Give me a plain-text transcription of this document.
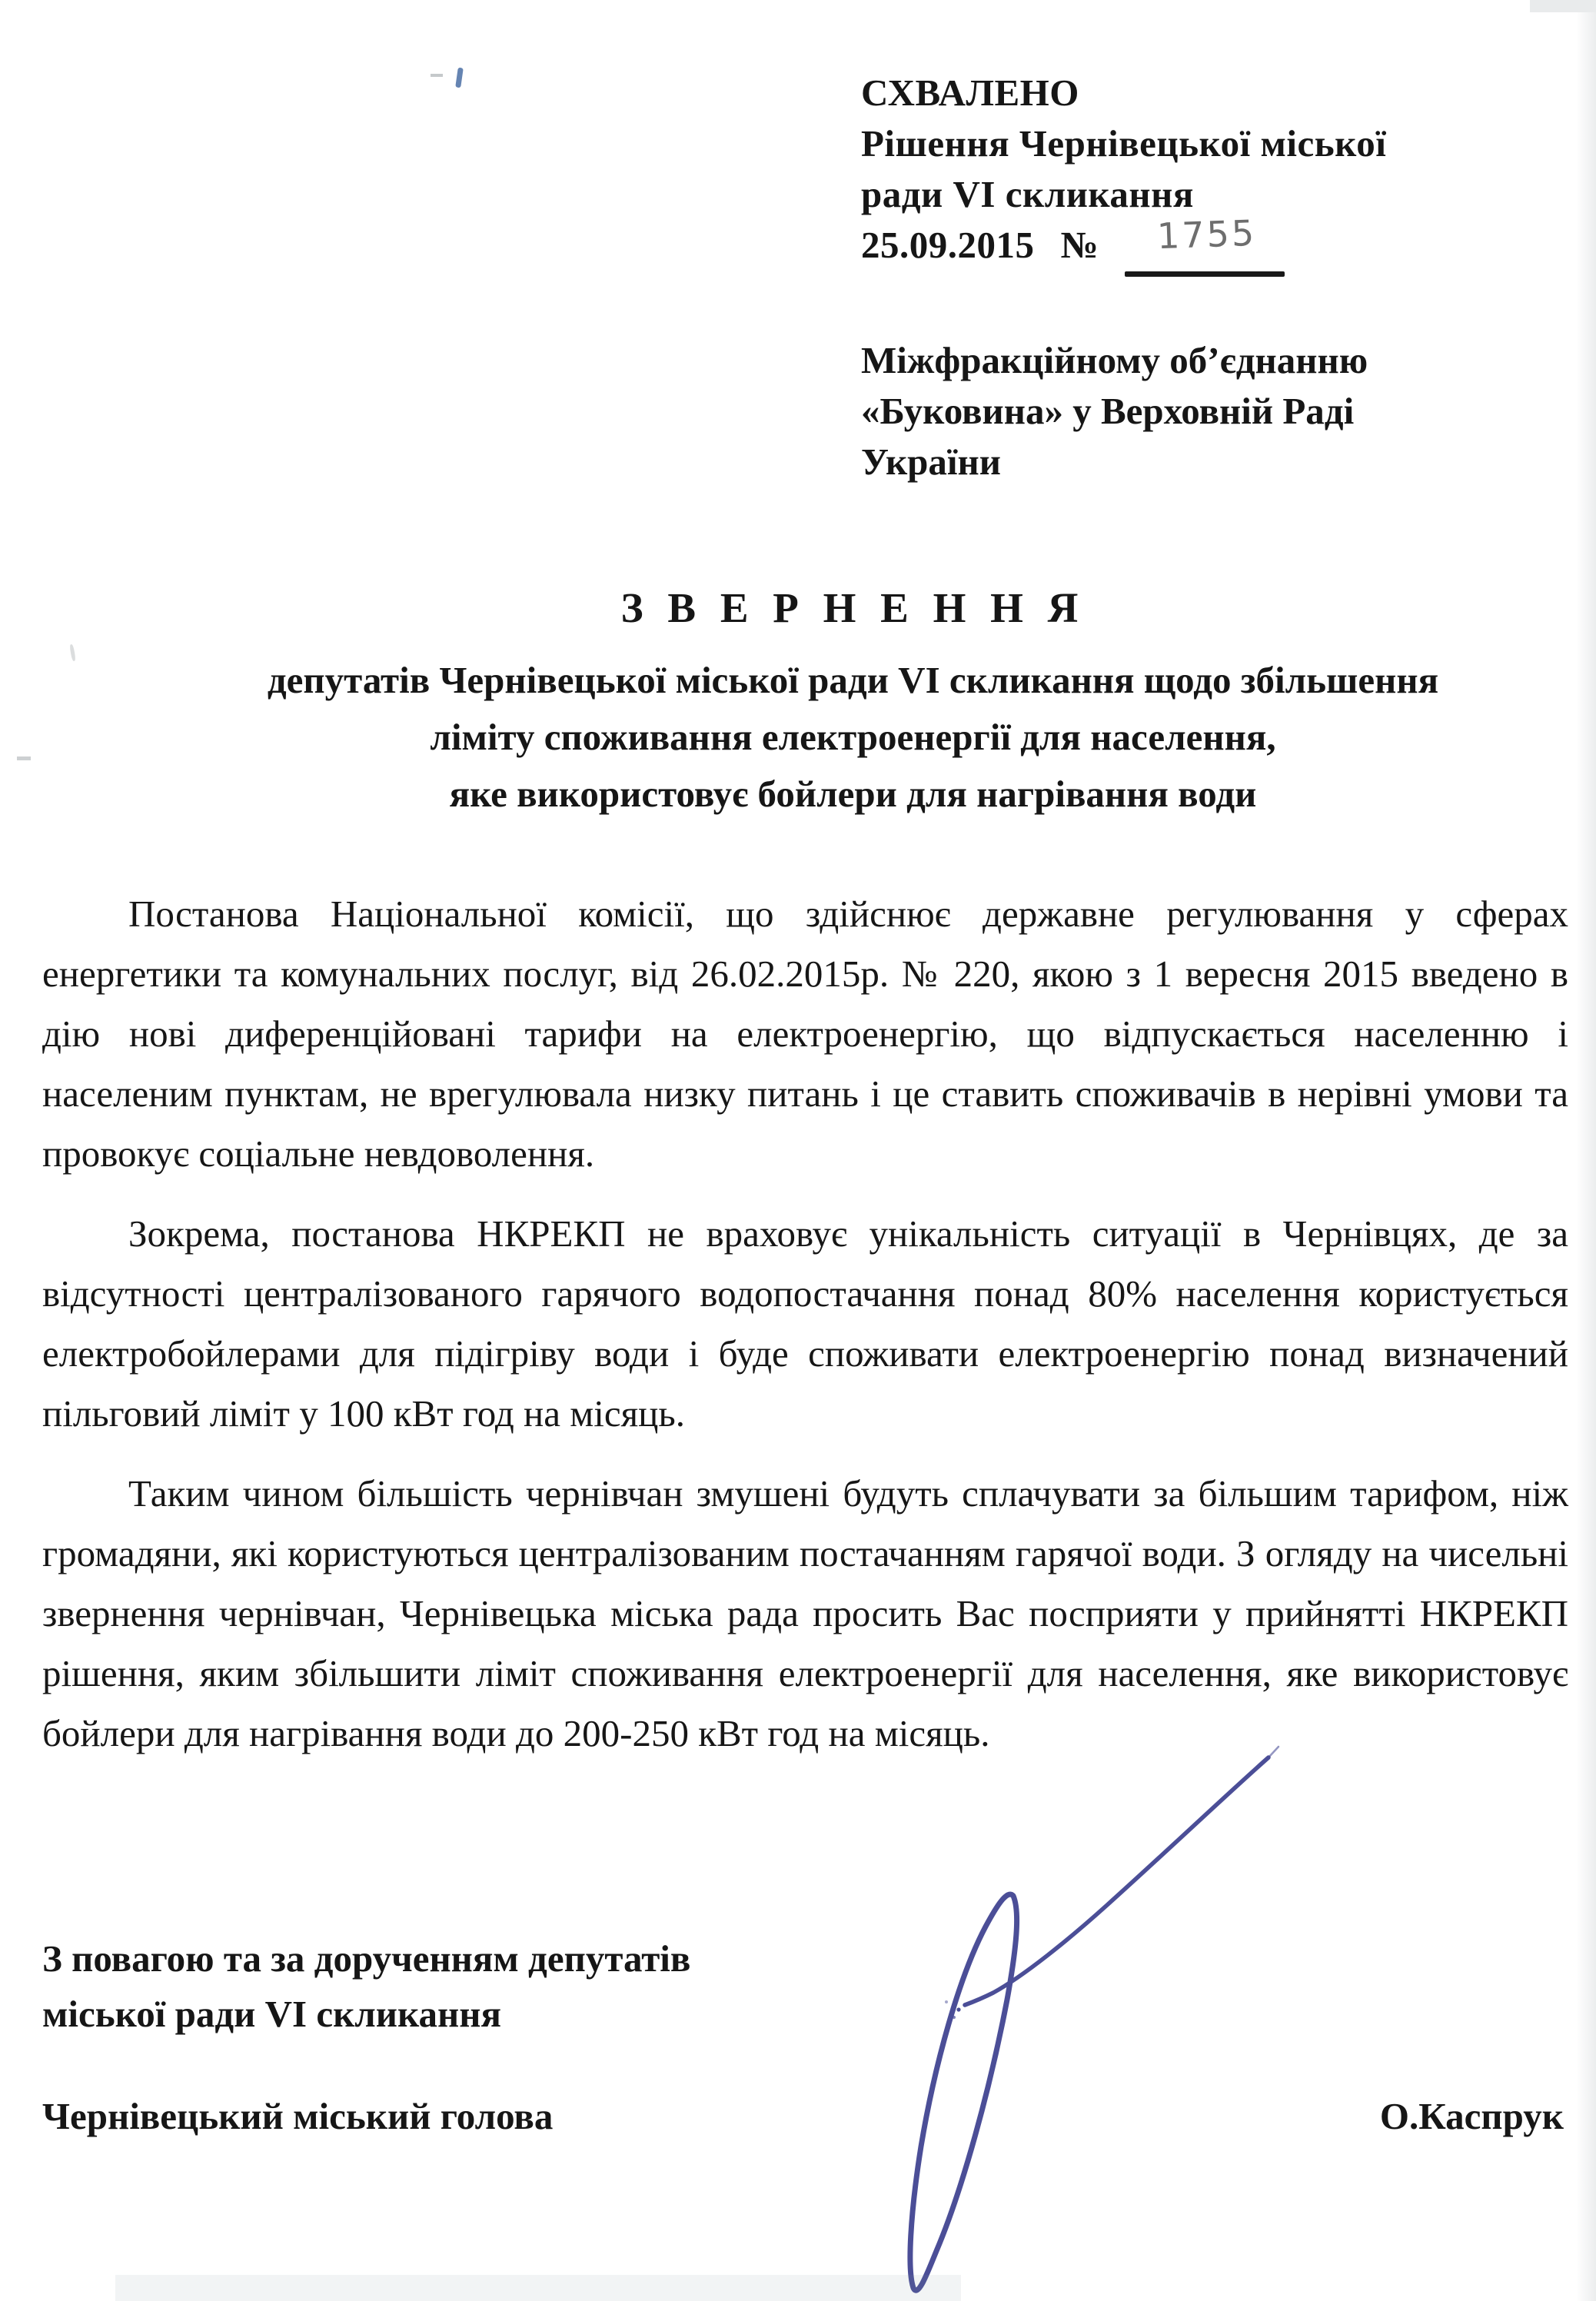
СХВАЛЕНО
Рішення Чернівецької міської
ради VI скликання
25.09.2015 № 1755
Міжфракційному об’єднанню
«Буковина» у Верховній Раді
України
З В Е Р Н Е Н Н Я
депутатів Чернівецької міської ради VI скликання щодо збільшення
ліміту споживання електроенергії для населення,
яке використовує бойлери для нагрівання води

Постанова Національної комісії, що здійснює державне регулювання у сферах енергетики та комунальних послуг, від 26.02.2015р. № 220, якою з 1 вересня 2015 введено в дію нові диференційовані тарифи на електроенергію, що відпускається населенню і населеним пунктам, не врегулювала низку питань і це ставить споживачів в нерівні умови та провокує соціальне невдоволення.

Зокрема, постанова НКРЕКП не враховує унікальність ситуації в Чернівцях, де за відсутності централізованого гарячого водопостачання понад 80% населення користується електробойлерами для підігріву води і буде споживати електроенергію понад визначений пільговий ліміт у 100 кВт год на місяць.

Таким чином більшість чернівчан змушені будуть сплачувати за більшим тарифом, ніж громадяни, які користуються централізованим постачанням гарячої води. З огляду на чисельні звернення чернівчан, Чернівецька міська рада просить Вас посприяти у прийнятті НКРЕКП рішення, яким збільшити ліміт споживання електроенергії для населення, яке використовує бойлери для нагрівання води до 200-250 кВт год на місяць.

З повагою та за дорученням депутатів
міської ради VI скликання
Чернівецький міський голова	О.Каспрук
